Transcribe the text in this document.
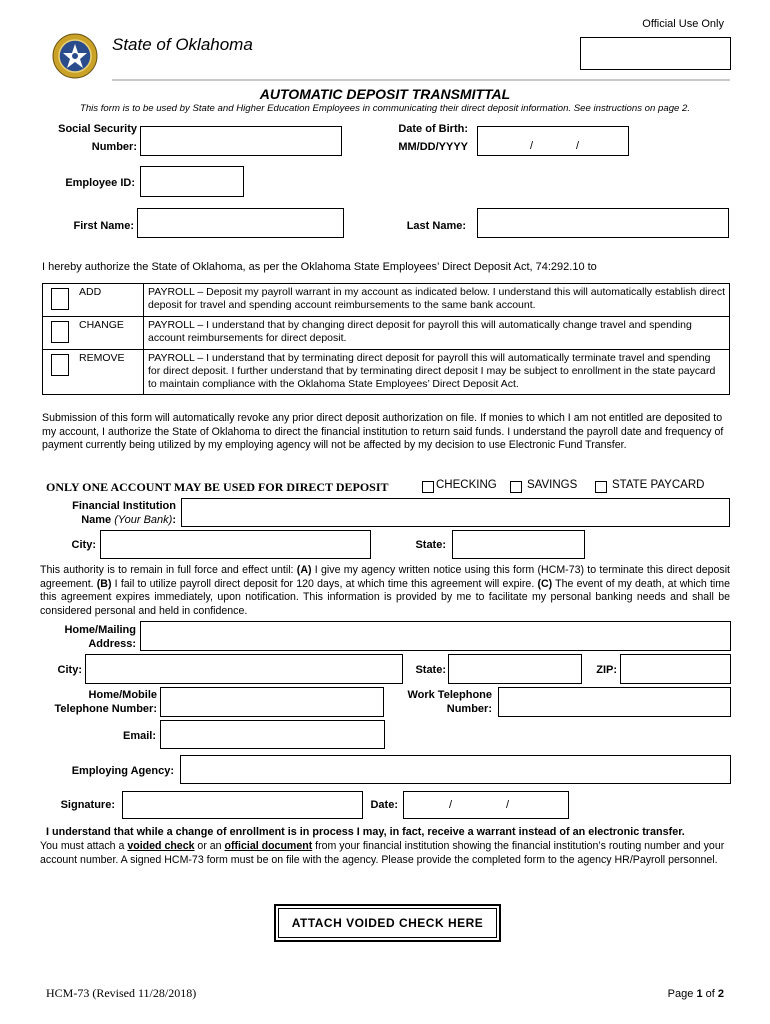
Official Use Only
State of Oklahoma
AUTOMATIC DEPOSIT TRANSMITTAL
This form is to be used by State and Higher Education Employees in communicating their direct deposit information. See instructions on page 2.
Social Security
Number:
Date of Birth:
MM/DD/YYYY	/	/
Employee ID:
First Name:	Last Name:
I hereby authorize the State of Oklahoma, as per the Oklahoma State Employees’ Direct Deposit Act, 74:292.10 to
ADD	PAYROLL – Deposit my payroll warrant in my account as indicated below. I understand this will automatically establish direct deposit for travel and spending account reimbursements to the same bank account.

CHANGE	PAYROLL – I understand that by changing direct deposit for payroll this will automatically change travel and spending account reimbursements for direct deposit.

REMOVE	PAYROLL – I understand that by terminating direct deposit for payroll this will automatically terminate travel and spending for direct deposit. I further understand that by terminating direct deposit I may be subject to enrollment in the state paycard to maintain compliance with the Oklahoma State Employees’ Direct Deposit Act.
Submission of this form will automatically revoke any prior direct deposit authorization on file. If monies to which I am not entitled are deposited to my account, I authorize the State of Oklahoma to direct the financial institution to return said funds. I understand the payroll date and frequency of payment currently being utilized by my employing agency will not be affected by my decision to use Electronic Fund Transfer.
ONLY ONE ACCOUNT MAY BE USED FOR DIRECT DEPOSIT	CHECKING	SAVINGS	STATE PAYCARD
Financial Institution
Name (Your Bank):
City:	State:
This authority is to remain in full force and effect until: (A) I give my agency written notice using this form (HCM-73) to terminate this direct deposit agreement. (B) I fail to utilize payroll direct deposit for 120 days, at which time this agreement will expire. (C) The event of my death, at which time this agreement expires immediately, upon notification. This information is provided by me to facilitate my personal banking needs and shall be considered personal and held in confidence.
Home/Mailing
Address:
City:	State:	ZIP:
Home/Mobile
Telephone Number:
Work Telephone
Number:
Email:
Employing Agency:
Signature:	Date:	/	/
I understand that while a change of enrollment is in process I may, in fact, receive a warrant instead of an electronic transfer.
You must attach a voided check or an official document from your financial institution showing the financial institution’s routing number and your account number. A signed HCM-73 form must be on file with the agency. Please provide the completed form to the agency HR/Payroll personnel.
ATTACH VOIDED CHECK HERE
HCM-73 (Revised 11/28/2018)	Page 1 of 2
